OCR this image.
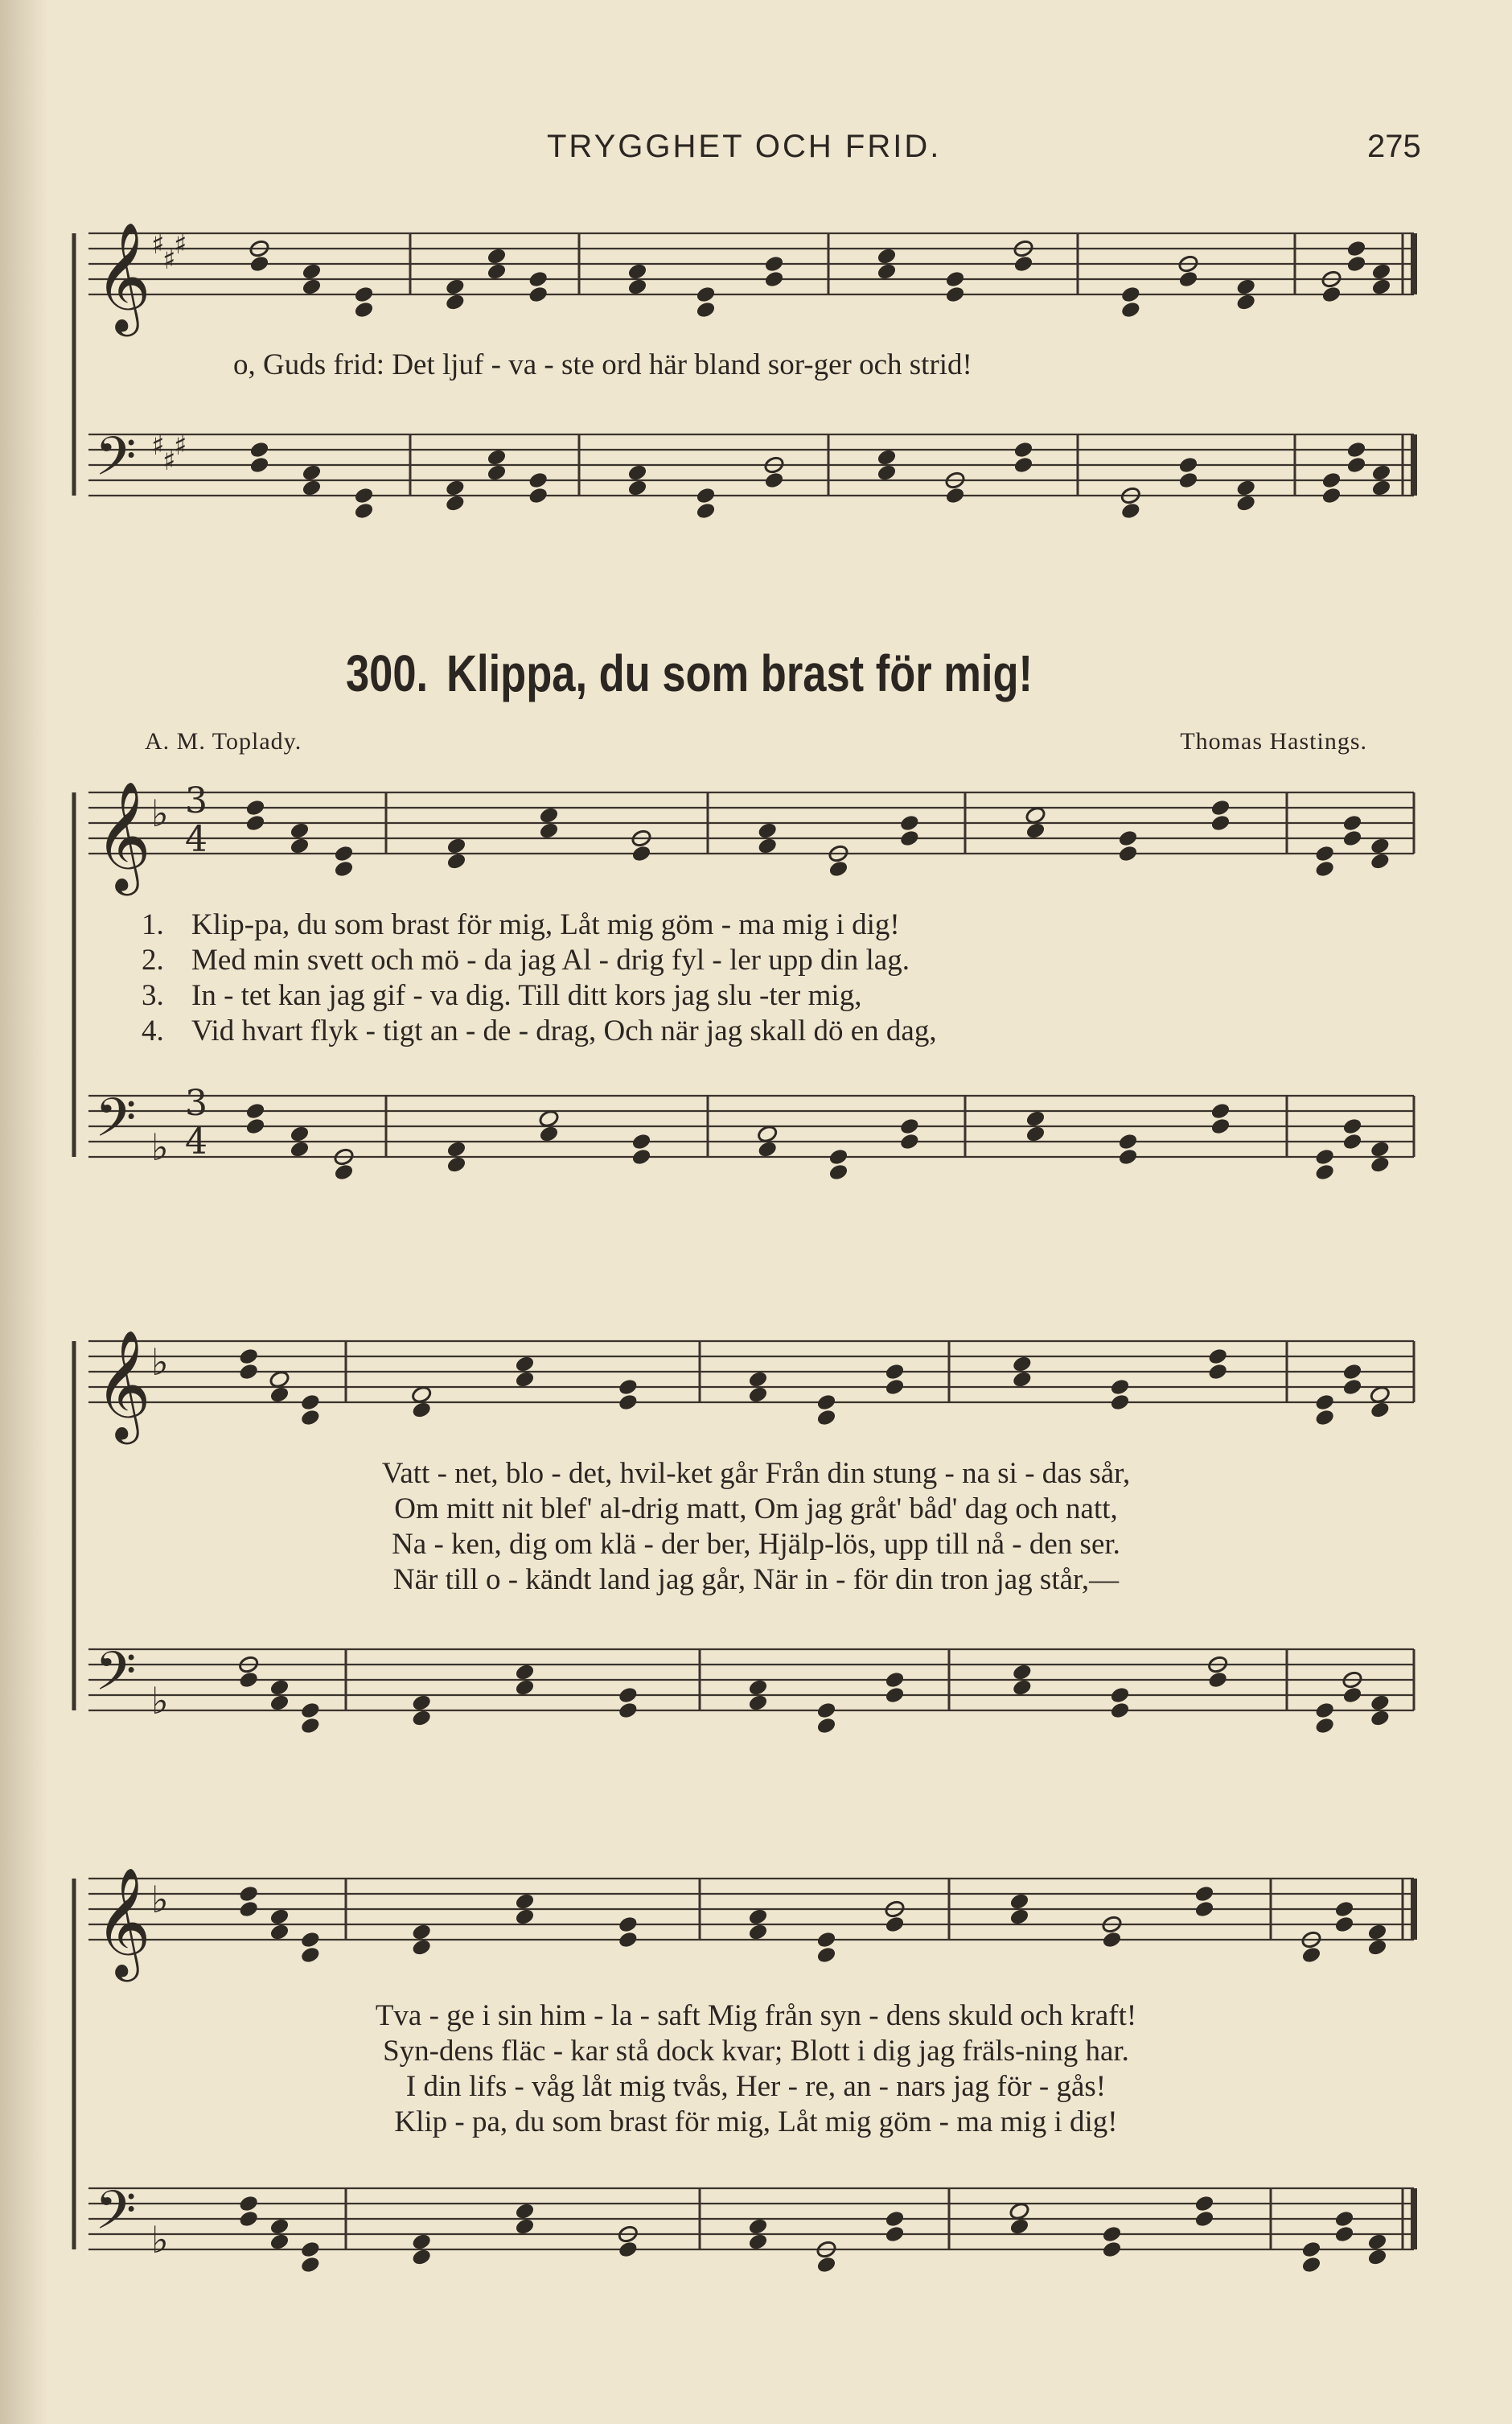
TRYGGHET OCH FRID.	275
𝄞 ♯
♯
♯
𝄢 ♯
♯
♯
𝄞 ♭
𝄢 ♭
𝄞 ♭
𝄢 ♭
𝄞 ♭
𝄢 ♭
3
4
3
4
o, Guds frid: Det ljuf - va - ste ord här bland sor-ger och strid!
300. Klippa, du som brast för mig!
A. M. Toplady.	Thomas Hastings.
1. Klip-pa, du som brast för mig, Låt mig göm - ma mig i dig!
2. Med min svett och mö - da jag Al - drig fyl - ler upp din lag.
3. In - tet kan jag gif - va dig. Till ditt kors jag slu -ter mig,
4. Vid hvart flyk - tigt an - de - drag, Och när jag skall dö en dag,
Vatt - net, blo - det, hvil-ket går Från din stung - na si - das sår,
Om mitt nit blef' al-drig matt, Om jag gråt' båd' dag och natt,
Na - ken, dig om klä - der ber, Hjälp-lös, upp till nå - den ser.
När till o - kändt land jag går, När in - för din tron jag står,—
Tva - ge i sin him - la - saft Mig från syn - dens skuld och kraft!
Syn-dens fläc - kar stå dock kvar; Blott i dig jag fräls-ning har.
I din lifs - våg låt mig tvås, Her - re, an - nars jag för - gås!
Klip - pa, du som brast för mig, Låt mig göm - ma mig i dig!
